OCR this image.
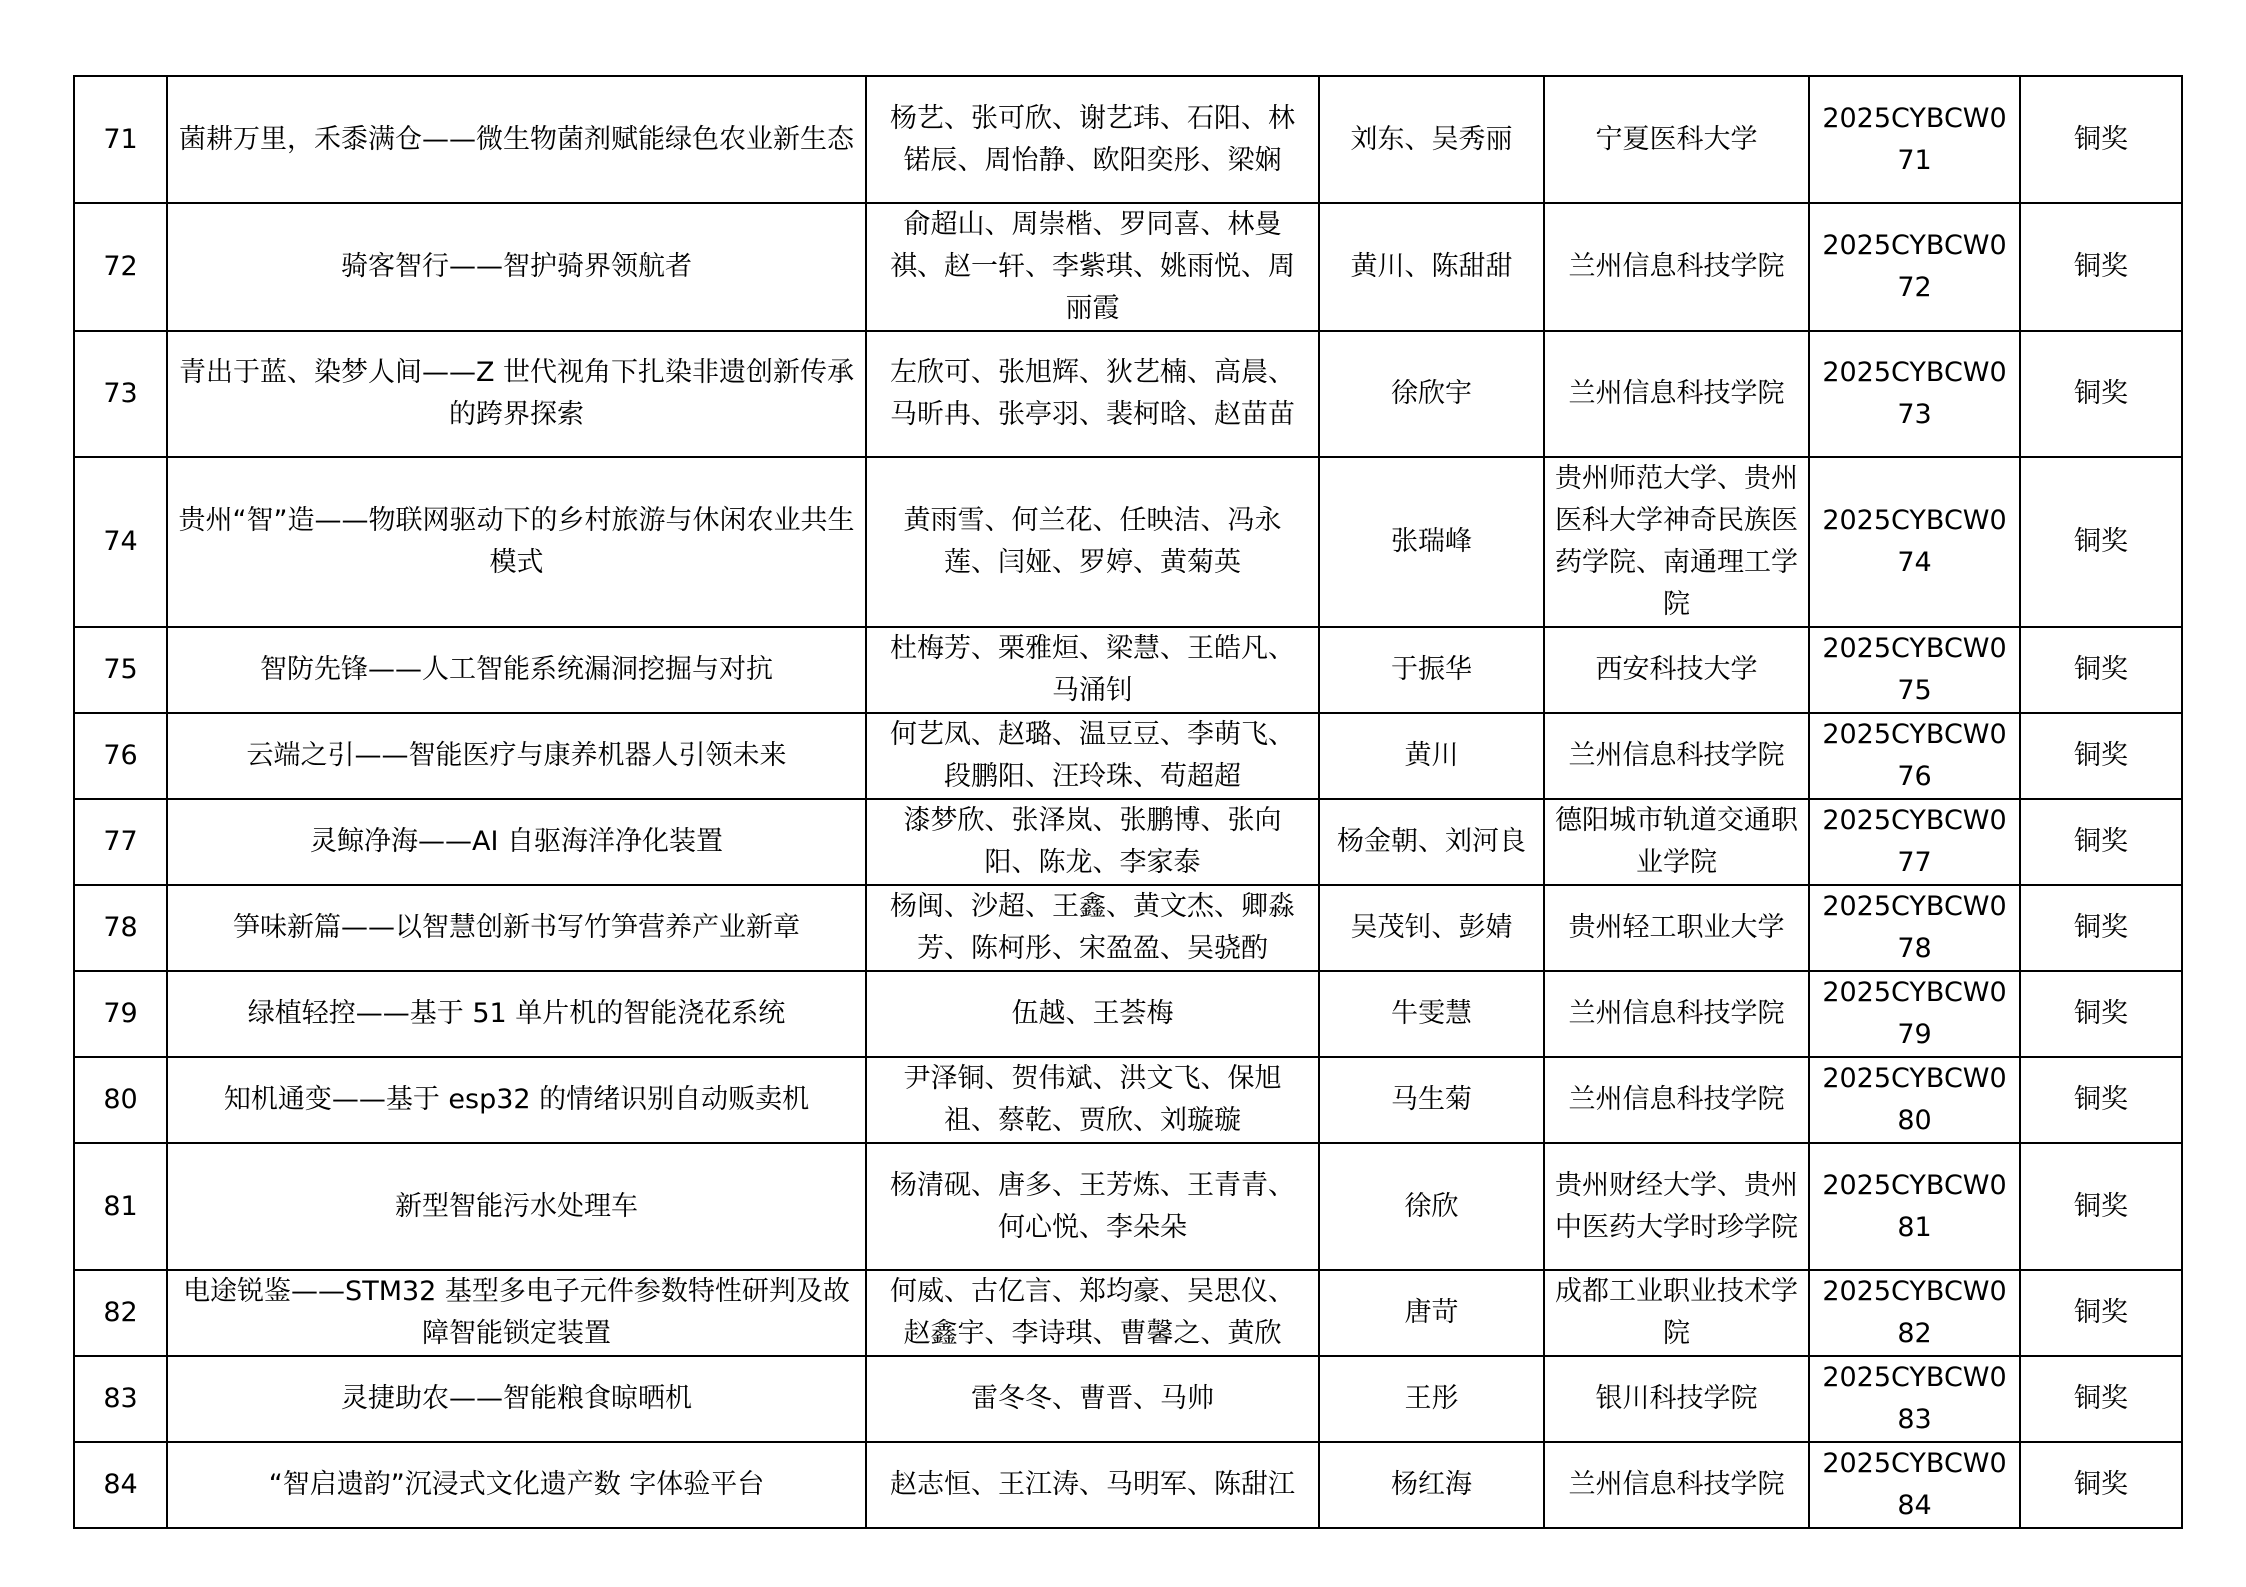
71	菌耕万里，禾黍满仓——微生物菌剂赋能绿色农业新生态	杨艺、张可欣、谢艺玮、石阳、林锘辰、周怡静、欧阳奕彤、梁娴	刘东、吴秀丽	宁夏医科大学	2025CYBCW071	铜奖
72	骑客智行——智护骑界领航者	俞超山、周崇楷、罗同喜、林曼祺、赵一轩、李紫琪、姚雨悦、周丽霞	黄川、陈甜甜	兰州信息科技学院	2025CYBCW072	铜奖
73	青出于蓝、染梦人间——Z 世代视角下扎染非遗创新传承的跨界探索	左欣可、张旭辉、狄艺楠、高晨、马昕冉、张亭羽、裴柯晗、赵苗苗	徐欣宇	兰州信息科技学院	2025CYBCW073	铜奖
74	贵州“智”造——物联网驱动下的乡村旅游与休闲农业共生模式	黄雨雪、何兰花、任映洁、冯永莲、闫娅、罗婷、黄菊英	张瑞峰	贵州师范大学、贵州医科大学神奇民族医药学院、南通理工学院	2025CYBCW074	铜奖
75	智防先锋——人工智能系统漏洞挖掘与对抗	杜梅芳、栗雅烜、梁慧、王皓凡、马涌钊	于振华	西安科技大学	2025CYBCW075	铜奖
76	云端之引——智能医疗与康养机器人引领未来	何艺凤、赵璐、温豆豆、李萌飞、段鹏阳、汪玲珠、苟超超	黄川	兰州信息科技学院	2025CYBCW076	铜奖
77	灵鲸净海——AI 自驱海洋净化装置	漆梦欣、张泽岚、张鹏博、张向阳、陈龙、李家泰	杨金朝、刘河良	德阳城市轨道交通职业学院	2025CYBCW077	铜奖
78	笋味新篇——以智慧创新书写竹笋营养产业新章	杨闽、沙超、王鑫、黄文杰、卿淼芳、陈柯彤、宋盈盈、吴骁酌	吴茂钊、彭婧	贵州轻工职业大学	2025CYBCW078	铜奖
79	绿植轻控——基于 51 单片机的智能浇花系统	伍越、王荟梅	牛雯慧	兰州信息科技学院	2025CYBCW079	铜奖
80	知机通变——基于 esp32 的情绪识别自动贩卖机	尹泽铜、贺伟斌、洪文飞、保旭祖、蔡乾、贾欣、刘璇璇	马生菊	兰州信息科技学院	2025CYBCW080	铜奖
81	新型智能污水处理车	杨清砚、唐多、王芳炼、王青青、何心悦、李朵朵	徐欣	贵州财经大学、贵州中医药大学时珍学院	2025CYBCW081	铜奖
82	电途锐鉴——STM32 基型多电子元件参数特性研判及故障智能锁定装置	何威、古亿言、郑均豪、吴思仪、赵鑫宇、李诗琪、曹馨之、黄欣	唐苛	成都工业职业技术学院	2025CYBCW082	铜奖
83	灵捷助农——智能粮食晾晒机	雷冬冬、曹晋、马帅	王彤	银川科技学院	2025CYBCW083	铜奖
84	“智启遗韵”沉浸式文化遗产数 字体验平台	赵志恒、王江涛、马明军、陈甜江	杨红海	兰州信息科技学院	2025CYBCW084	铜奖
